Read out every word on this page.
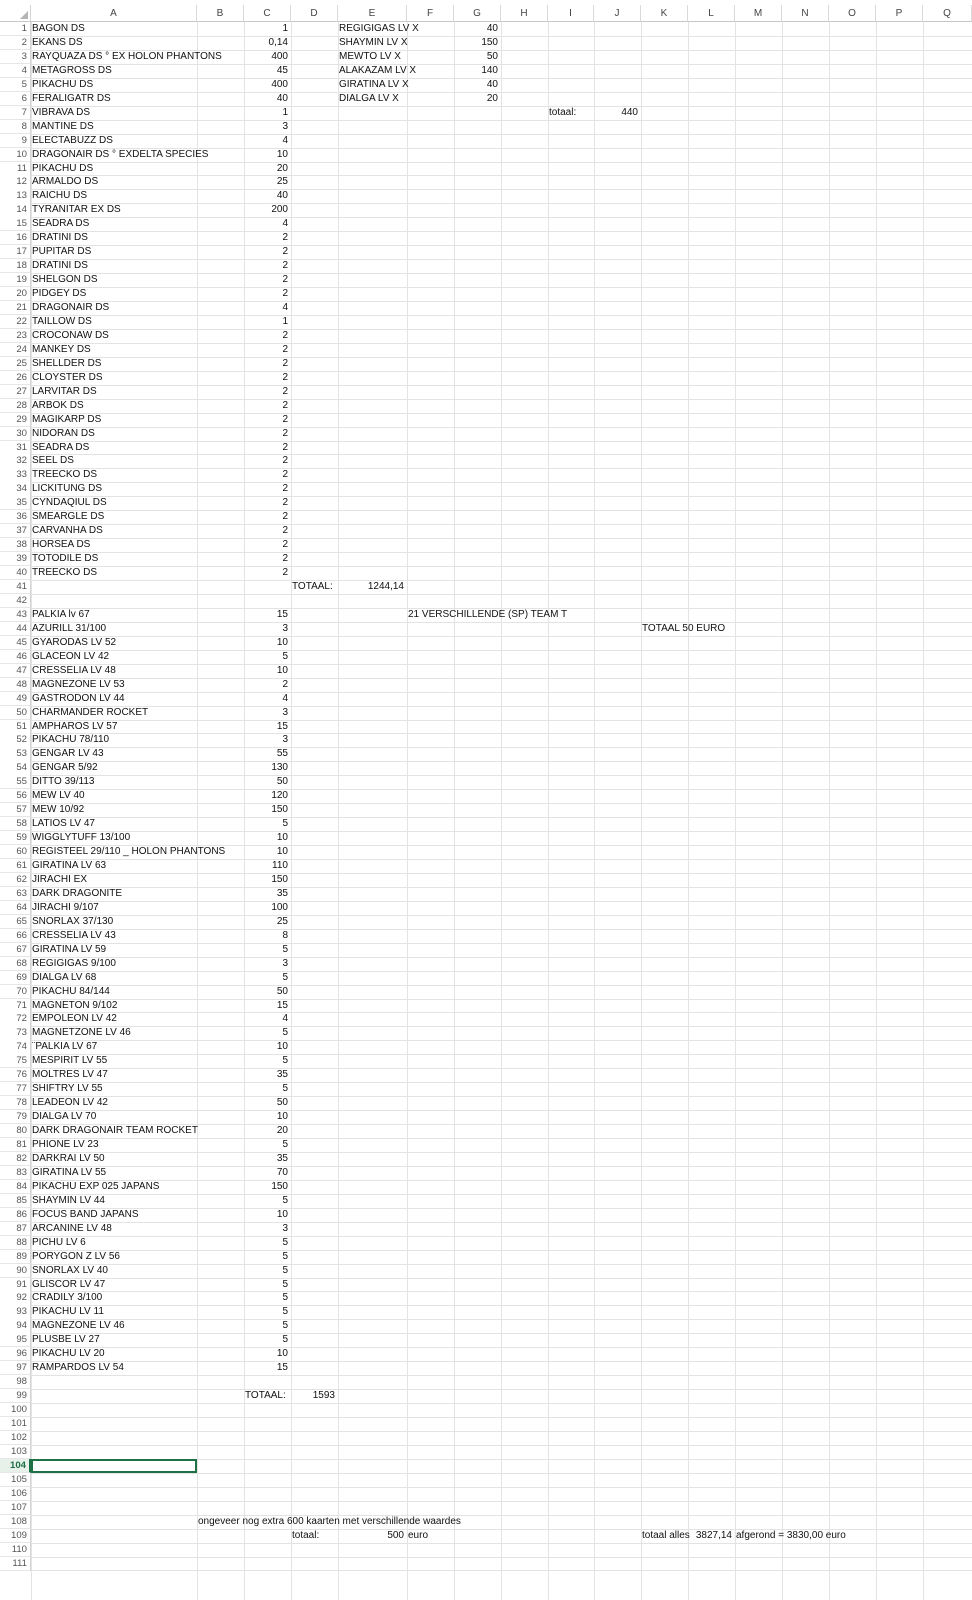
A	B	C	D	E	F	G	H	I	J	K	L	M	N	O	P	Q
1
2
3
4
5
6
7
8
9
10
11
12
13
14
15
16
17
18
19
20
21
22
23
24
25
26
27
28
29
30
31
32
33
34
35
36
37
38
39
40
41
42
43
44
45
46
47
48
49
50
51
52
53
54
55
56
57
58
59
60
61
62
63
64
65
66
67
68
69
70
71
72
73
74
75
76
77
78
79
80
81
82
83
84
85
86
87
88
89
90
91
92
93
94
95
96
97
98
99
100
101
102
103
104
105
106
107
108
109
110
111
BAGON DS	1	REGIGIGAS LV X	40
EKANS DS	0,14	SHAYMIN LV X	150
RAYQUAZA DS ° EX HOLON PHANTONS	400	MEWTO LV X	50
METAGROSS DS	45	ALAKAZAM LV X	140
PIKACHU DS	400	GIRATINA LV X	40
FERALIGATR DS	40	DIALGA LV X	20
VIBRAVA DS	1	totaal:	440
MANTINE DS	3
ELECTABUZZ DS	4
DRAGONAIR DS ° EXDELTA SPECIES	10
PIKACHU DS	20
ARMALDO DS	25
RAICHU DS	40
TYRANITAR EX DS	200
SEADRA DS	4
DRATINI DS	2
PUPITAR DS	2
DRATINI DS	2
SHELGON DS	2
PIDGEY DS	2
DRAGONAIR DS	4
TAILLOW DS	1
CROCONAW DS	2
MANKEY DS	2
SHELLDER DS	2
CLOYSTER DS	2
LARVITAR DS	2
ARBOK DS	2
MAGIKARP DS	2
NIDORAN DS	2
SEADRA DS	2
SEEL DS	2
TREECKO DS	2
LICKITUNG DS	2
CYNDAQIUL DS	2
SMEARGLE DS	2
CARVANHA DS	2
HORSEA DS	2
TOTODILE DS	2
TREECKO DS	2
TOTAAL:	1244,14
PALKIA lv 67	15	21 VERSCHILLENDE (SP) TEAM T
AZURILL 31/100	3	TOTAAL 50 EURO
GYARODAS LV 52	10
GLACEON LV 42	5
CRESSELIA LV 48	10
MAGNEZONE LV 53	2
GASTRODON LV 44	4
CHARMANDER ROCKET	3
AMPHAROS LV 57	15
PIKACHU 78/110	3
GENGAR LV 43	55
GENGAR 5/92	130
DITTO 39/113	50
MEW LV 40	120
MEW 10/92	150
LATIOS LV 47	5
WIGGLYTUFF 13/100	10
REGISTEEL 29/110 _ HOLON PHANTONS	10
GIRATINA LV 63	110
JIRACHI EX	150
DARK DRAGONITE	35
JIRACHI 9/107	100
SNORLAX 37/130	25
CRESSELIA LV 43	8
GIRATINA LV 59	5
REGIGIGAS 9/100	3
DIALGA LV 68	5
PIKACHU 84/144	50
MAGNETON 9/102	15
EMPOLEON LV 42	4
MAGNETZONE LV 46	5
¨PALKIA LV 67	10
MESPIRIT LV 55	5
MOLTRES LV 47	35
SHIFTRY LV 55	5
LEADEON LV 42	50
DIALGA LV 70	10
DARK DRAGONAIR TEAM ROCKET	20
PHIONE LV 23	5
DARKRAI LV 50	35
GIRATINA LV 55	70
PIKACHU EXP 025 JAPANS	150
SHAYMIN LV 44	5
FOCUS BAND JAPANS	10
ARCANINE LV 48	3
PICHU LV 6	5
PORYGON Z LV 56	5
SNORLAX LV 40	5
GLISCOR LV 47	5
CRADILY 3/100	5
PIKACHU LV 11	5
MAGNEZONE LV 46	5
PLUSBE LV 27	5
PIKACHU LV 20	10
RAMPARDOS LV 54	15
TOTAAL:	1593
ongeveer nog extra 600 kaarten met verschillende waardes
totaal:	500 euro	totaal alles 3827,14 afgerond = 3830,00 euro
